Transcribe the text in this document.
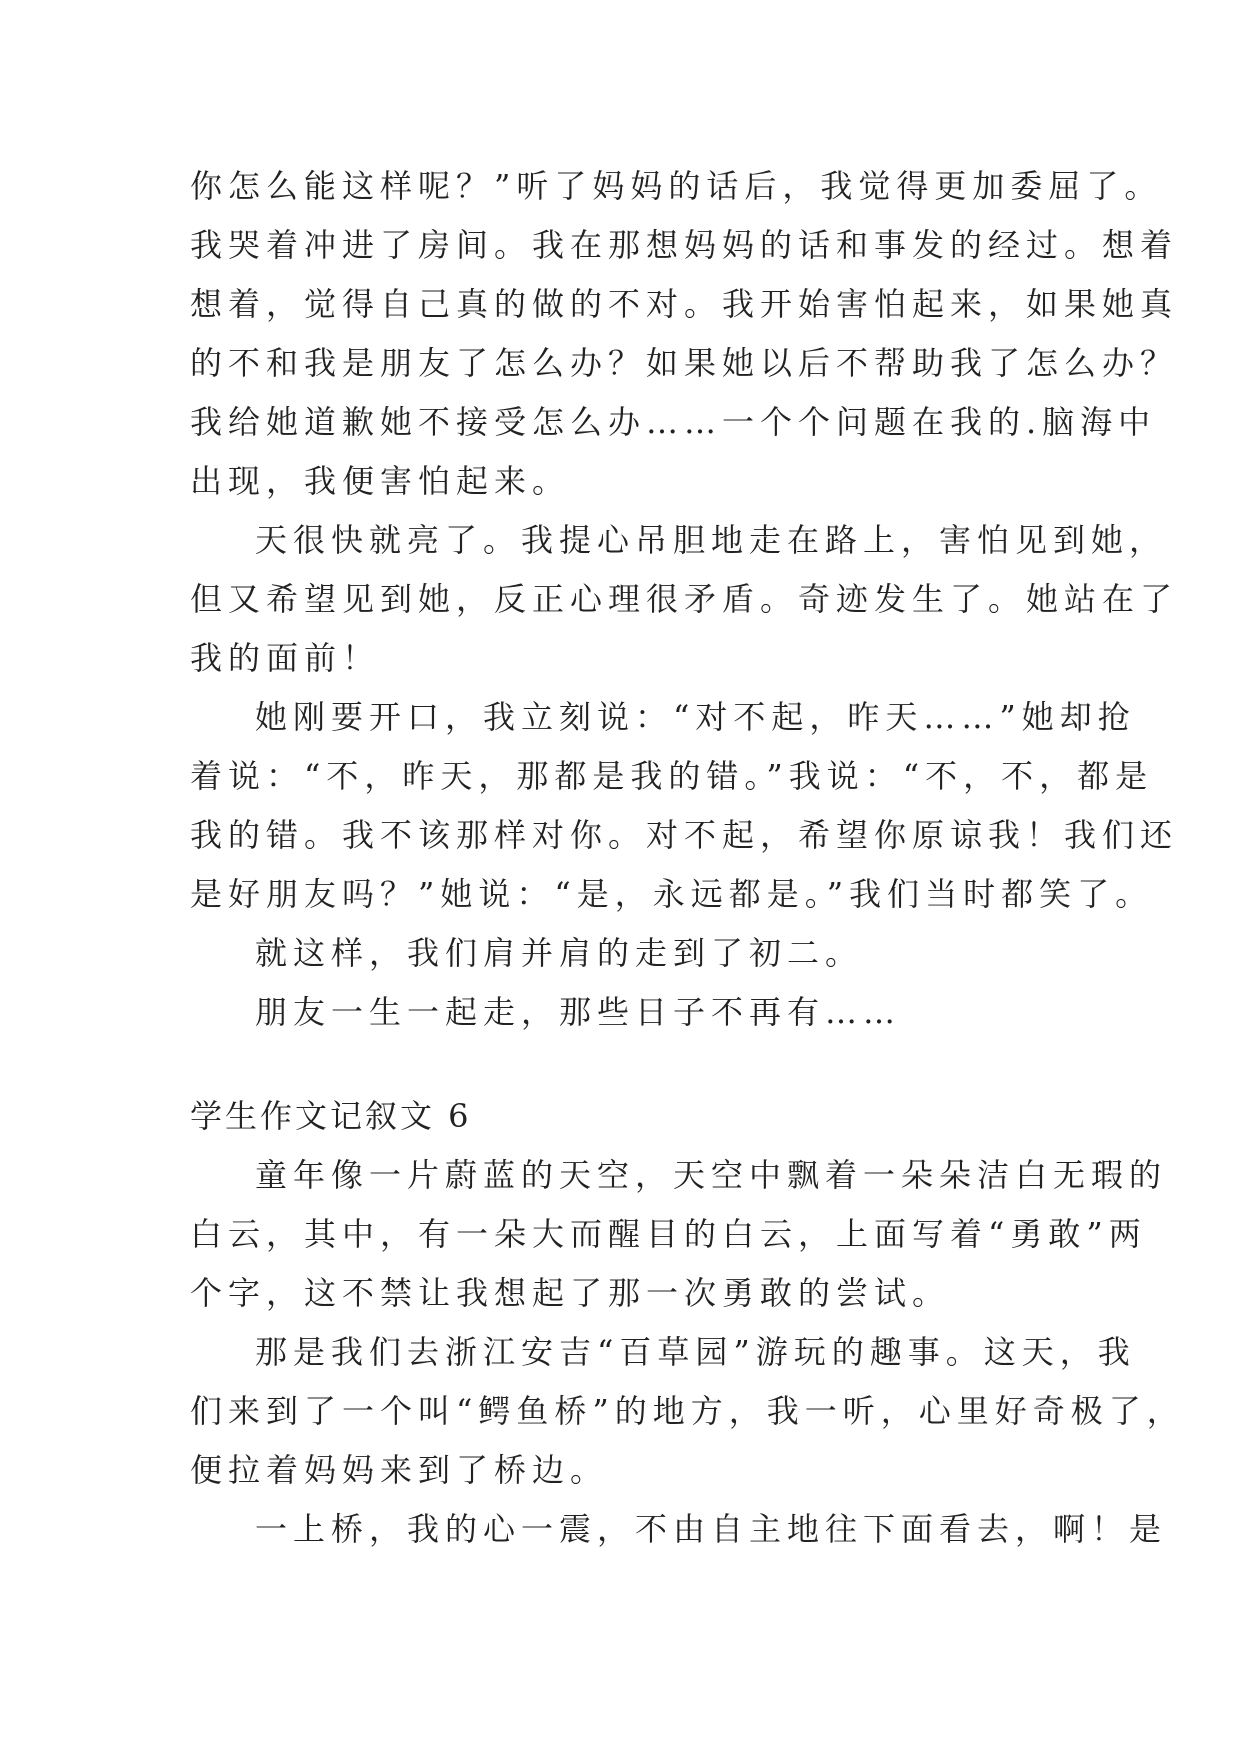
你怎么能这样呢？”听了妈妈的话后，我觉得更加委屈了。

我哭着冲进了房间。我在那想妈妈的话和事发的经过。想着

想着，觉得自己真的做的不对。我开始害怕起来，如果她真

的不和我是朋友了怎么办？如果她以后不帮助我了怎么办？

我给她道歉她不接受怎么办……一个个问题在我的.脑海中

出现，我便害怕起来。

天很快就亮了。我提心吊胆地走在路上，害怕见到她，

但又希望见到她，反正心理很矛盾。奇迹发生了。她站在了

我的面前！

她刚要开口，我立刻说：“对不起，昨天……”她却抢

着说：“不，昨天，那都是我的错。”我说：“不，不，都是

我的错。我不该那样对你。对不起，希望你原谅我！我们还

是好朋友吗？”她说：“是，永远都是。”我们当时都笑了。

就这样，我们肩并肩的走到了初二。

朋友一生一起走，那些日子不再有……

学生作文记叙文 6

童年像一片蔚蓝的天空，天空中飘着一朵朵洁白无瑕的

白云，其中，有一朵大而醒目的白云，上面写着“勇敢”两

个字，这不禁让我想起了那一次勇敢的尝试。

那是我们去浙江安吉“百草园”游玩的趣事。这天，我

们来到了一个叫“鳄鱼桥”的地方，我一听，心里好奇极了，

便拉着妈妈来到了桥边。

一上桥，我的心一震，不由自主地往下面看去，啊！是
